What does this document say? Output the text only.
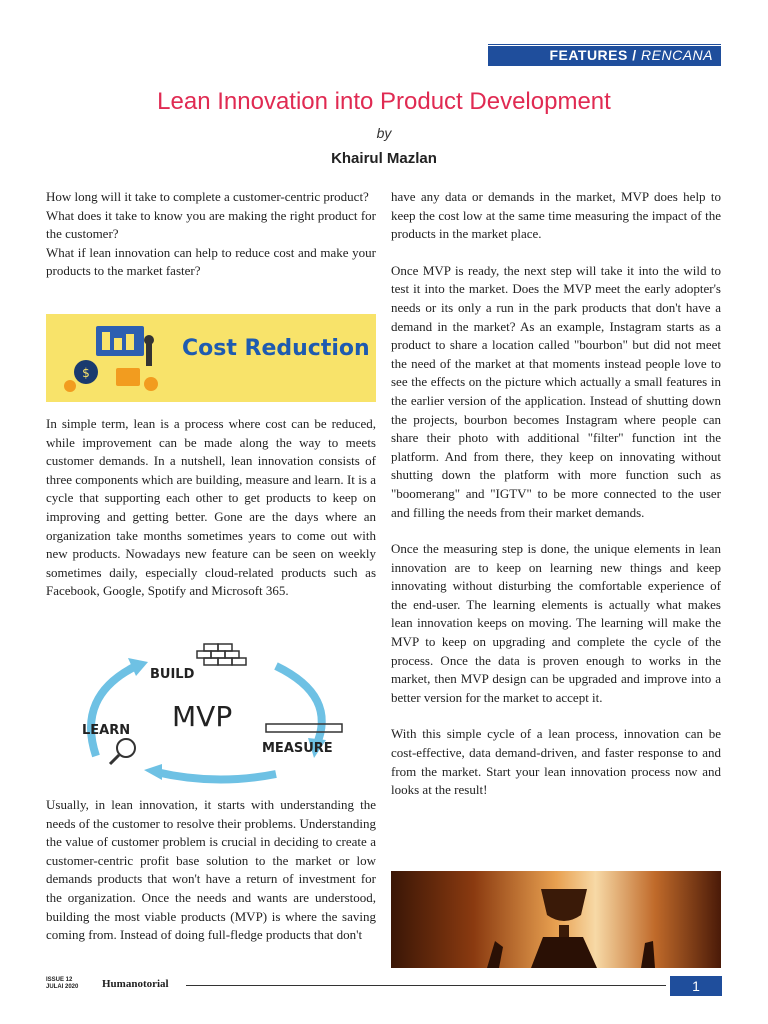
FEATURES / RENCANA
Lean Innovation into Product Development
by
Khairul Mazlan

How long will it take to complete a customer-centric product?

What does it take to know you are making the right product for the customer?

What if lean innovation can help to reduce cost and make your products to the market faster?

$
Cost Reduction

In simple term, lean is a process where cost can be reduced, while improvement can be made along the way to meets customer demands. In a nutshell, lean innovation consists of three components which are building, measure and learn. It is a cycle that supporting each other to get products to keep on improving and getting better. Gone are the days where an organization take months sometimes years to come out with new products. Nowadays new feature can be seen on weekly sometimes daily, especially cloud-related products such as Facebook, Google, Spotify and Microsoft 365.

BUILD
MVP
LEARN
MEASURE

Usually, in lean innovation, it starts with understanding the needs of the customer to resolve their problems. Understanding the value of customer problem is crucial in deciding to create a customer-centric profit base solution to the market or low demands products that won't have a return of investment for the organization. Once the needs and wants are understood, building the most viable products (MVP) is where the saving coming from. Instead of doing full-fledge products that don't

have any data or demands in the market, MVP does help to keep the cost low at the same time measuring the impact of the products in the market place.

Once MVP is ready, the next step will take it into the wild to test it into the market. Does the MVP meet the early adopter's needs or its only a run in the park products that don't have a demand in the market? As an example, Instagram starts as a product to share a location called "bourbon" but did not meet the need of the market at that moments instead people love to see the effects on the picture which actually a small features in the earlier version of the application. Instead of shutting down the projects, bourbon becomes Instagram where people can share their photo with additional "filter" function int the platform. And from there, they keep on innovating without shutting down the platform with more function such as "boomerang" and "IGTV" to be more connected to the user and filling the needs from their market demands.

Once the measuring step is done, the unique elements in lean innovation are to keep on learning new things and keep innovating without disturbing the comfortable experience of the end-user. The learning elements is actually what makes lean innovation keeps on moving. The learning will make the MVP to keep on upgrading and complete the cycle of the process. Once the data is proven enough to works in the market, then MVP design can be upgraded and improve into a better version for the market to accept it.

With this simple cycle of a lean process, innovation can be cost-effective, data demand-driven, and faster response to and from the market. Start your lean innovation process now and looks at the result!

ISSUE 12
JULAI 2020 Humanotorial	1
